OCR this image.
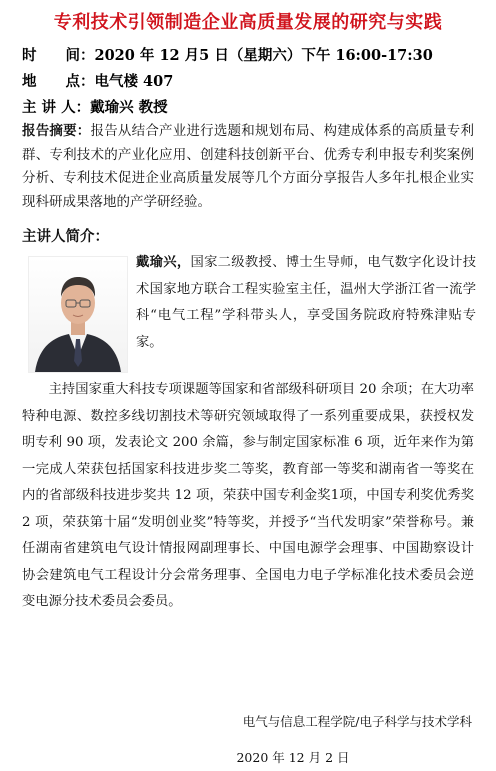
专利技术引领制造企业高质量发展的研究与实践
时　　间：2020 年 12 月5 日（星期六）下午 16:00-17:30
地　　点：电气楼 407
主 讲 人：戴瑜兴 教授
报告摘要：报告从结合产业进行选题和规划布局、构建成体系的高质量专利群、专利技术的产业化应用、创建科技创新平台、优秀专利申报专利奖案例分析、专利技术促进企业高质量发展等几个方面分享报告人多年扎根企业实现科研成果落地的产学研经验。
主讲人简介：
戴瑜兴，国家二级教授、博士生导师，电气数字化设计技术国家地方联合工程实验室主任，温州大学浙江省一流学科“电气工程”学科带头人，享受国务院政府特殊津贴专家。
主持国家重大科技专项课题等国家和省部级科研项目 20 余项；在大功率特种电源、数控多线切割技术等研究领域取得了一系列重要成果，获授权发明专利 90 项，发表论文 200 余篇，参与制定国家标准 6 项，近年来作为第一完成人荣获包括国家科技进步奖二等奖，教育部一等奖和湖南省一等奖在内的省部级科技进步奖共 12 项，荣获中国专利金奖1项，中国专利奖优秀奖 2 项，荣获第十届“发明创业奖”特等奖，并授予“当代发明家”荣誉称号。兼任湖南省建筑电气设计情报网副理事长、中国电源学会理事、中国勘察设计协会建筑电气工程设计分会常务理事、全国电力电子学标准化技术委员会逆变电源分技术委员会委员。
电气与信息工程学院/电子科学与技术学科
2020 年 12 月 2 日
